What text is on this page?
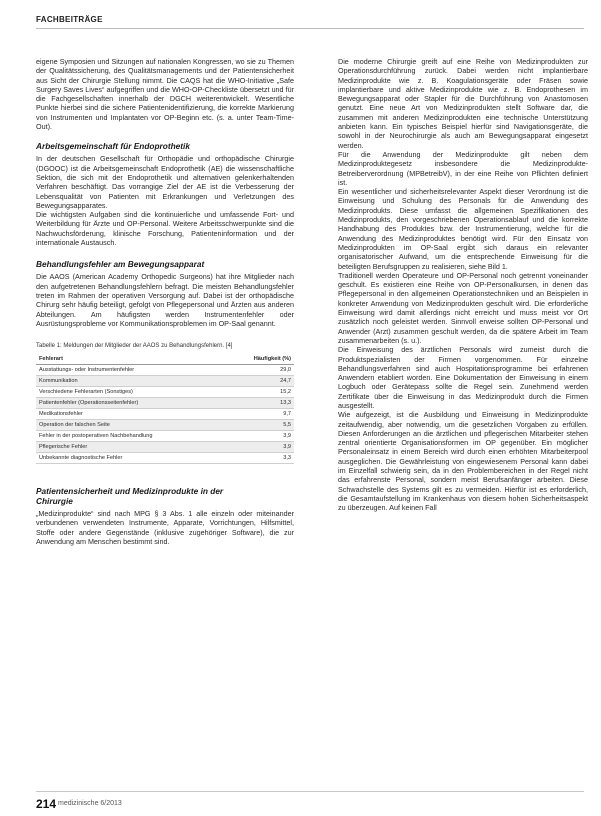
FACHBEITRÄGE

eigene Symposien und Sitzungen auf nationalen Kongressen, wo sie zu Themen der Qualitätssicherung, des Qualitätsmanagements und der Patientensicherheit aus Sicht der Chirurgie Stellung nimmt. Die CAQS hat die WHO-Initiative „Safe Surgery Saves Lives“ aufgegriffen und die WHO-OP-Checkliste übersetzt und für die Fachgesellschaften innerhalb der DGCH weiterentwickelt. Wesentliche Punkte hierbei sind die sichere Patientenidentifizierung, die korrekte Markierung von Instrumenten und Implantaten vor OP-Beginn etc. (s. a. unter Team-Time-Out).

Arbeitsgemeinschaft für Endoprothetik

In der deutschen Gesellschaft für Orthopädie und orthopädische Chirurgie (DGOOC) ist die Arbeitsgemeinschaft Endoprothetik (AE) die wissenschaftliche Sektion, die sich mit der Endoprothetik und alternativen gelenkerhaltenden Verfahren beschäftigt. Das vorrangige Ziel der AE ist die Verbesserung der Lebensqualität von Patienten mit Erkrankungen und Verletzungen des Bewegungsapparates.

Die wichtigsten Aufgaben sind die kontinuierliche und umfassende Fort- und Weiterbildung für Ärzte und OP-Personal. Weitere Arbeitsschwerpunkte sind die Nachwuchsförderung, klinische Forschung, Patienteninformation und der internationale Austausch.

Behandlungsfehler am Bewegungsapparat

Die AAOS (American Academy Orthopedic Surgeons) hat ihre Mitglieder nach den aufgetretenen Behandlungsfehlern befragt. Die meisten Behandlungsfehler treten im Rahmen der operativen Versorgung auf. Dabei ist der orthopädische Chirurg sehr häufig beteiligt, gefolgt von Pflegepersonal und Ärzten aus anderen Abteilungen. Am häufigsten werden Instrumentenfehler oder Ausrüstungsprobleme vor Kommunikationsproblemen im OP-Saal genannt.

Tabelle 1: Meldungen der Mitglieder der AAOS zu Behandlungsfehlern. [4]
Fehlerart	Häufigkeit (%)
Ausstattungs- oder Instrumentenfehler	29,0
Kommunikation	24,7
Verschiedene Fehlerarten (Sonstiges)	15,2
Patientenfehler (Operationsseitenfehler)	13,3
Medikationsfehler	9,7
Operation der falschen Seite	5,5
Fehler in der postoperativen Nachbehandlung	3,9
Pflegerische Fehler	3,9
Unbekannte diagnostische Fehler	3,3
Patientensicherheit und Medizinprodukte in der
Chirurgie

„Medizinprodukte“ sind nach MPG § 3 Abs. 1 alle einzeln oder miteinander verbundenen verwendeten Instrumente, Apparate, Vorrichtungen, Hilfsmittel, Stoffe oder andere Gegenstände (inklusive zugehöriger Software), die zur Anwendung am Menschen bestimmt sind.

Die moderne Chirurgie greift auf eine Reihe von Medizinprodukten zur Operationsdurchführung zurück. Dabei werden nicht implantierbare Medizinprodukte wie z. B. Koagulationsgeräte oder Fräsen sowie implantierbare und aktive Medizinprodukte wie z. B. Endoprothesen im Bewegungsapparat oder Stapler für die Durchführung von Anastomosen genutzt. Eine neue Art von Medizinprodukten stellt Software dar, die zusammen mit anderen Medizinprodukten eine technische Unterstützung anbieten kann. Ein typisches Beispiel hierfür sind Navigationsgeräte, die sowohl in der Neurochirurgie als auch am Bewegungsapparat eingesetzt werden.

Für die Anwendung der Medizinprodukte gilt neben dem Medizinproduktegesetz insbesondere die Medizinprodukte-Betreiberverordnung (MPBetreibV), in der eine Reihe von Pflichten definiert ist.

Ein wesentlicher und sicherheitsrelevanter Aspekt dieser Verordnung ist die Einweisung und Schulung des Personals für die Anwendung des Medizinprodukts. Diese umfasst die allgemeinen Spezifikationen des Medizinprodukts, den vorgeschriebenen Operationsablauf und die korrekte Handhabung des Produktes bzw. der Instrumentierung, welche für die Anwendung des Medizinproduktes benötigt wird. Für den Einsatz von Medizinprodukten im OP-Saal ergibt sich daraus ein relevanter organisatorischer Aufwand, um die entsprechende Einweisung für die beteiligten Berufsgruppen zu realisieren, siehe Bild 1.

Traditionell werden Operateure und OP-Personal noch getrennt voneinander geschult. Es existieren eine Reihe von OP-Personalkursen, in denen das Pflegepersonal in den allgemeinen Operationstechniken und an Beispielen in konkreter Anwendung von Medizinprodukten geschult wird. Die erforderliche Einweisung wird damit allerdings nicht erreicht und muss meist vor Ort zusätzlich noch geleistet werden. Sinnvoll erweise sollten OP-Personal und Anwender (Arzt) zusammen geschult werden, da die spätere Arbeit im Team zusammenarbeiten (s. u.).

Die Einweisung des ärztlichen Personals wird zumeist durch die Produktspezialisten der Firmen vorgenommen. Für einzelne Behandlungsverfahren sind auch Hospitationsprogramme bei erfahrenen Anwendern etabliert worden. Eine Dokumentation der Einweisung in einem Logbuch oder Gerätepass sollte die Regel sein. Zunehmend werden Zertifikate über die Einweisung in das Medizinprodukt durch die Firmen ausgestellt.

Wie aufgezeigt, ist die Ausbildung und Einweisung in Medizinprodukte zeitaufwendig, aber notwendig, um die gesetzlichen Vorgaben zu erfüllen. Diesen Anforderungen an die ärztlichen und pflegerischen Mitarbeiter stehen zentral orientierte Organisationsformen im OP gegenüber. Ein möglicher Personaleinsatz in einem Bereich wird durch einen erhöhten Mitarbeiterpool ausgeglichen. Die Gewährleistung von eingewiesenem Personal kann dabei im Einzelfall schwierig sein, da in den Problembereichen in der Regel nicht das erfahrenste Personal, sondern meist Berufsanfänger arbeiten. Diese Schwachstelle des Systems gilt es zu vermeiden. Hierfür ist es erforderlich, die Gesamtaufstellung im Krankenhaus von diesem hohen Sicherheitsaspekt zu überzeugen. Auf keinen Fall

214 medizinische 6/2013
